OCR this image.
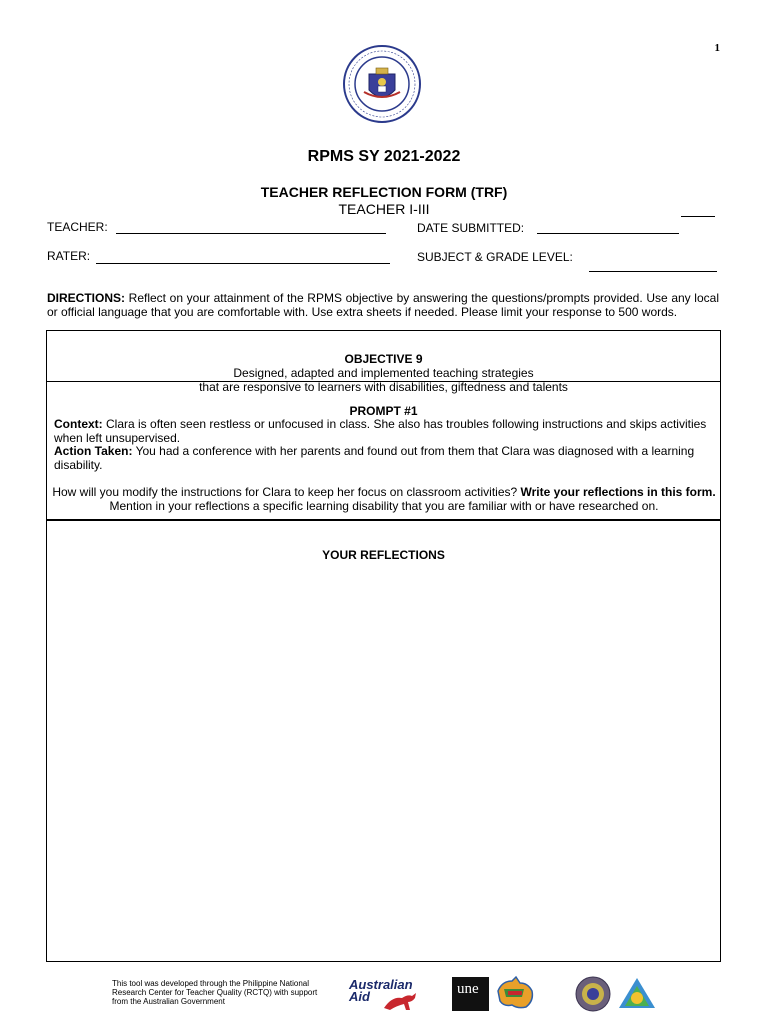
1
RPMS SY 2021-2022
TEACHER REFLECTION FORM (TRF)
TEACHER I-III
TEACHER:	DATE SUBMITTED:
RATER:	SUBJECT & GRADE LEVEL:
DIRECTIONS: Reflect on your attainment of the RPMS objective by answering the questions/prompts provided. Use any local or official language that you are comfortable with. Use extra sheets if needed. Please limit your response to 500 words.
OBJECTIVE 9
Designed, adapted and implemented teaching strategies
that are responsive to learners with disabilities, giftedness and talents
PROMPT #1
Context: Clara is often seen restless or unfocused in class. She also has troubles following instructions and skips activities when left unsupervised.
Action Taken: You had a conference with her parents and found out from them that Clara was diagnosed with a learning disability.
How will you modify the instructions for Clara to keep her focus on classroom activities? Write your reflections in this form. Mention in your reflections a specific learning disability that you are familiar with or have researched on.
YOUR REFLECTIONS
This tool was developed through the Philippine National Research Center for Teacher Quality (RCTQ) with support from the Australian Government
Australian
Aid	une
